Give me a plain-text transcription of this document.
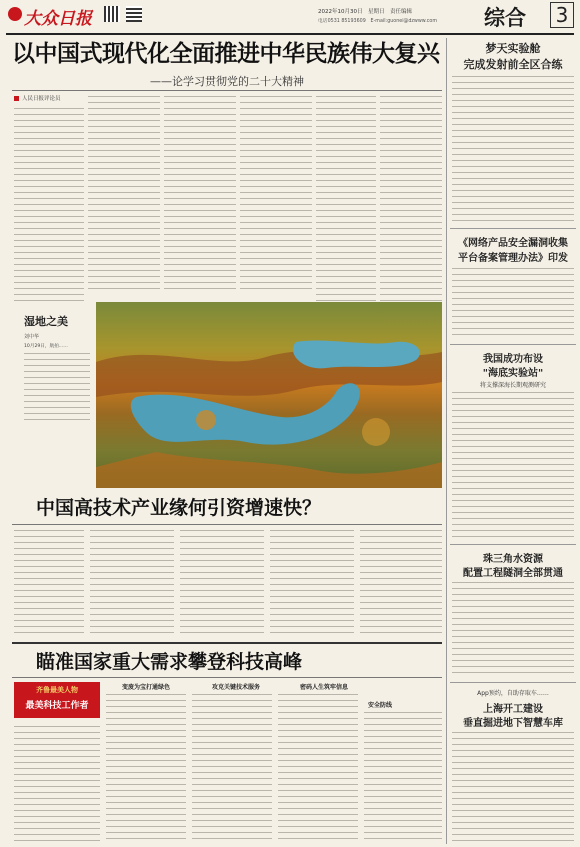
大众日报	2022年10月30日　星期日　责任编辑
电话0531 85193609　E-mail:guonei@dzwww.com 综合 3
以中国式现代化全面推进中华民族伟大复兴
——论学习贯彻党的二十大精神
人民日报评论员
湿地之美
刘中华
10月29日，航拍……
中国高技术产业缘何引资增速快？
瞄准国家重大需求攀登科技高峰
齐鲁最美人物
最美科技工作者
变废为宝打通绿色	攻克关键技术服务	密码人生筑牢信息
安全防线
梦天实验舱
完成发射前全区合练
《网络产品安全漏洞收集
平台备案管理办法》印发
我国成功布设
"海底实验站"
将支撑深海长期观测研究
珠三角水资源
配置工程隧洞全部贯通
App预约，自助存取车……
上海开工建设
垂直掘进地下智慧车库
